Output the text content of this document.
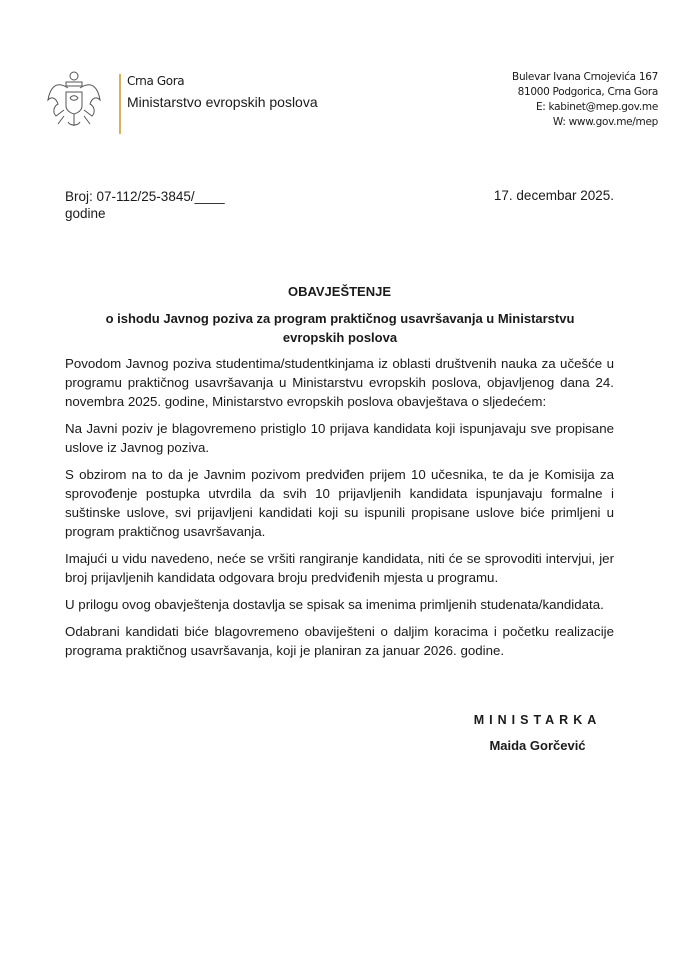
Crna Gora
Ministarstvo evropskih poslova
Bulevar Ivana Crnojevića 167
81000 Podgorica, Crna Gora
E: kabinet@mep.gov.me
W: www.gov.me/mep
Broj: 07-112/25-3845/____
godine
17. decembar 2025.
OBAVJEŠTENJE
o ishodu Javnog poziva za program praktičnog usavršavanja u Ministarstvu evropskih poslova

Povodom Javnog poziva studentima/studentkinjama iz oblasti društvenih nauka za učešće u programu praktičnog usavršavanja u Ministarstvu evropskih poslova, objavljenog dana 24. novembra 2025. godine, Ministarstvo evropskih poslova obavještava o sljedećem:

Na Javni poziv je blagovremeno pristiglo 10 prijava kandidata koji ispunjavaju sve propisane uslove iz Javnog poziva.

S obzirom na to da je Javnim pozivom predviđen prijem 10 učesnika, te da je Komisija za sprovođenje postupka utvrdila da svih 10 prijavljenih kandidata ispunjavaju formalne i suštinske uslove, svi prijavljeni kandidati koji su ispunili propisane uslove biće primljeni u program praktičnog usavršavanja.

Imajući u vidu navedeno, neće se vršiti rangiranje kandidata, niti će se sprovoditi intervjui, jer broj prijavljenih kandidata odgovara broju predviđenih mjesta u programu.

U prilogu ovog obavještenja dostavlja se spisak sa imenima primljenih studenata/kandidata.

Odabrani kandidati biće blagovremeno obaviješteni o daljim koracima i početku realizacije programa praktičnog usavršavanja, koji je planiran za januar 2026. godine.

MINISTARKA
Maida Gorčević
